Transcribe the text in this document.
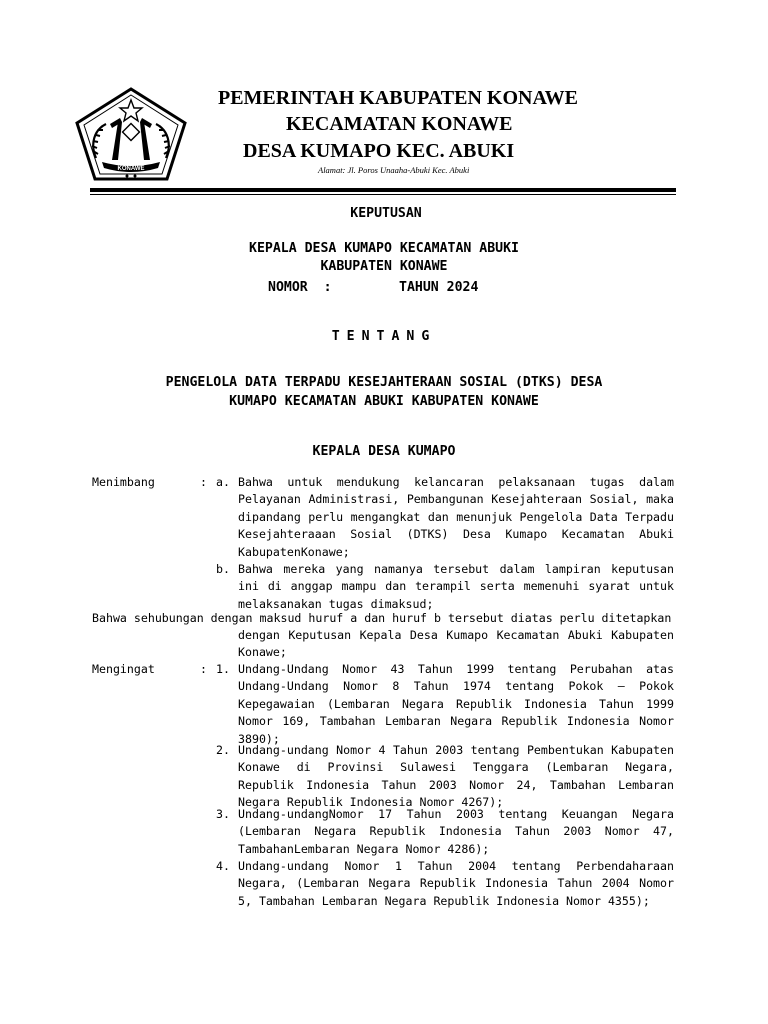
KONAWE
PEMERINTAH KABUPATEN KONAWE
KECAMATAN KONAWE
DESA KUMAPO KEC. ABUKI
Alamat: Jl. Poros Unaaha-Abuki Kec. Abuki
KEPUTUSAN
KEPALA DESA KUMAPO KECAMATAN ABUKI
KABUPATEN KONAWE
NOMOR  :	TAHUN 2024
TENTANG
PENGELOLA DATA TERPADU KESEJAHTERAAN SOSIAL (DTKS) DESA
KUMAPO KECAMATAN ABUKI KABUPATEN KONAWE
KEPALA DESA KUMAPO
Menimbang	: a. Bahwa untuk mendukung kelancaran pelaksanaan tugas dalam Pelayanan Administrasi, Pembangunan Kesejahteraan Sosial, maka dipandang perlu mengangkat dan menunjuk Pengelola Data Terpadu Kesejahteraaan Sosial (DTKS) Desa Kumapo Kecamatan Abuki KabupatenKonawe;
b. Bahwa mereka yang namanya tersebut dalam lampiran keputusan ini di anggap mampu dan terampil serta memenuhi syarat untuk melaksanakan tugas dimaksud;
Bahwa sehubungan dengan maksud huruf a dan huruf b tersebut diatas perlu ditetapkan
dengan Keputusan Kepala Desa Kumapo Kecamatan Abuki Kabupaten Konawe;
Mengingat	: 1. Undang-Undang Nomor 43 Tahun 1999 tentang Perubahan atas Undang-Undang Nomor 8 Tahun 1974 tentang Pokok – Pokok Kepegawaian (Lembaran Negara Republik Indonesia Tahun 1999 Nomor 169, Tambahan Lembaran Negara Republik Indonesia Nomor 3890);
2. Undang-undang Nomor 4 Tahun 2003 tentang Pembentukan Kabupaten Konawe di Provinsi Sulawesi Tenggara (Lembaran Negara, Republik Indonesia Tahun 2003 Nomor 24, Tambahan Lembaran Negara Republik Indonesia Nomor 4267);
3. Undang-undangNomor 17 Tahun 2003 tentang Keuangan Negara (Lembaran Negara Republik Indonesia Tahun 2003 Nomor 47, TambahanLembaran Negara Nomor 4286);
4. Undang-undang Nomor 1 Tahun 2004 tentang Perbendaharaan Negara, (Lembaran Negara Republik Indonesia Tahun 2004 Nomor 5, Tambahan Lembaran Negara Republik Indonesia Nomor 4355);
